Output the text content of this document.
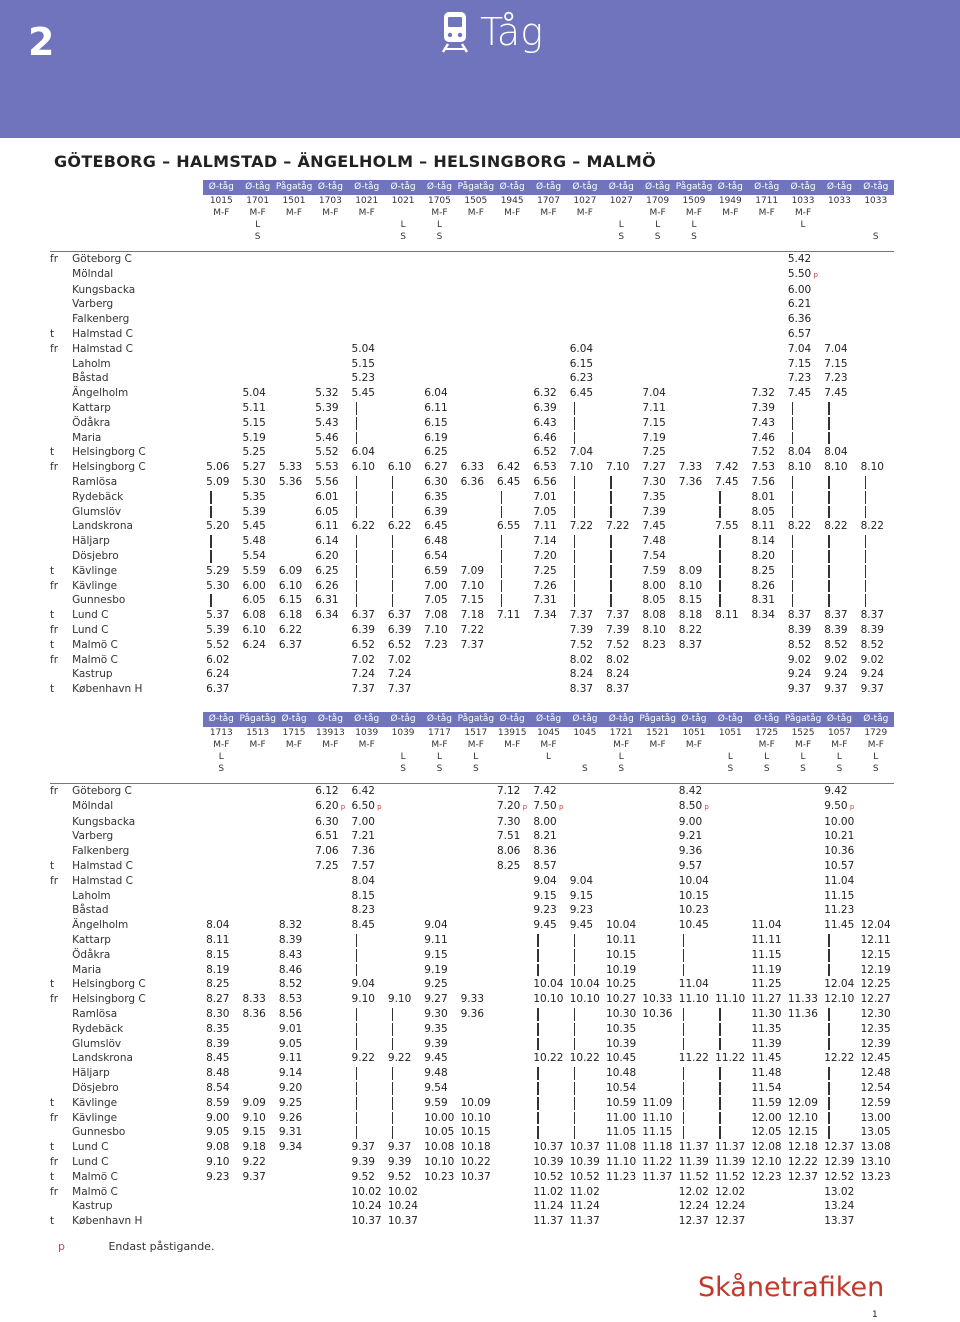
2	Tåg
Giltig 13 december 2009 – 11 december 2010
GÖTEBORG – HALMSTAD – ÄNGELHOLM – HELSINGBORG – MALMÖ
		Ø-tåg	Ø-tåg	Pågatåg	Ø-tåg	Ø-tåg	Ø-tåg	Ø-tåg	Pågatåg	Ø-tåg	Ø-tåg	Ø-tåg	Ø-tåg	Ø-tåg	Pågatåg	Ø-tåg	Ø-tåg	Ø-tåg	Ø-tåg	Ø-tåg
		1015	1701	1501	1703	1021	1021	1705	1505	1945	1707	1027	1027	1709	1509	1949	1711	1033	1033	1033
		M-F	M-F	M-F	M-F	M-F		M-F	M-F	M-F	M-F	M-F		M-F	M-F	M-F	M-F	M-F		
			L				L	L					L	L	L			L		
			S				S	S					S	S	S					S

fr	Göteborg C																	5.42		
	Mölndal																	5.50 p		
	Kungsbacka																	6.00		
	Varberg																	6.21		
	Falkenberg																	6.36		
t	Halmstad C																	6.57		
fr	Halmstad C					5.04						6.04						7.04	7.04	
	Laholm					5.15						6.15						7.15	7.15	
	Båstad					5.23						6.23						7.23	7.23	
	Ängelholm		5.04		5.32	5.45		6.04			6.32	6.45		7.04			7.32	7.45	7.45	
	Kattarp		5.11		5.39			6.11			6.39			7.11			7.39			
	Ödåkra		5.15		5.43			6.15			6.43			7.15			7.43			
	Maria		5.19		5.46			6.19			6.46			7.19			7.46			
t	Helsingborg C		5.25		5.52	6.04		6.25			6.52	7.04		7.25			7.52	8.04	8.04	
fr	Helsingborg C	5.06	5.27	5.33	5.53	6.10	6.10	6.27	6.33	6.42	6.53	7.10	7.10	7.27	7.33	7.42	7.53	8.10	8.10	8.10
	Ramlösa	5.09	5.30	5.36	5.56			6.30	6.36	6.45	6.56			7.30	7.36	7.45	7.56			
	Rydebäck		5.35		6.01			6.35			7.01			7.35			8.01			
	Glumslöv		5.39		6.05			6.39			7.05			7.39			8.05			
	Landskrona	5.20	5.45		6.11	6.22	6.22	6.45		6.55	7.11	7.22	7.22	7.45		7.55	8.11	8.22	8.22	8.22
	Häljarp		5.48		6.14			6.48			7.14			7.48			8.14			
	Dösjebro		5.54		6.20			6.54			7.20			7.54			8.20			
t	Kävlinge	5.29	5.59	6.09	6.25			6.59	7.09		7.25			7.59	8.09		8.25			
fr	Kävlinge	5.30	6.00	6.10	6.26			7.00	7.10		7.26			8.00	8.10		8.26			
	Gunnesbo		6.05	6.15	6.31			7.05	7.15		7.31			8.05	8.15		8.31			
t	Lund C	5.37	6.08	6.18	6.34	6.37	6.37	7.08	7.18	7.11	7.34	7.37	7.37	8.08	8.18	8.11	8.34	8.37	8.37	8.37
fr	Lund C	5.39	6.10	6.22		6.39	6.39	7.10	7.22			7.39	7.39	8.10	8.22			8.39	8.39	8.39
t	Malmö C	5.52	6.24	6.37		6.52	6.52	7.23	7.37			7.52	7.52	8.23	8.37			8.52	8.52	8.52
fr	Malmö C	6.02				7.02	7.02					8.02	8.02					9.02	9.02	9.02
	Kastrup	6.24				7.24	7.24					8.24	8.24					9.24	9.24	9.24
t	København H	6.37				7.37	7.37					8.37	8.37					9.37	9.37	9.37
		Ø-tåg	Pågatåg	Ø-tåg	Ø-tåg	Ø-tåg	Ø-tåg	Ø-tåg	Pågatåg	Ø-tåg	Ø-tåg	Ø-tåg	Ø-tåg	Pågatåg	Ø-tåg	Ø-tåg	Ø-tåg	Pågatåg	Ø-tåg	Ø-tåg
		1713	1513	1715	13913	1039	1039	1717	1517	13915	1045	1045	1721	1521	1051	1051	1725	1525	1057	1729
		M-F	M-F	M-F	M-F	M-F		M-F	M-F	M-F	M-F		M-F	M-F	M-F		M-F	M-F	M-F	M-F
		L					L	L	L		L		L			L	L	L	L	L
		S					S	S	S			S	S			S	S	S	S	S

fr	Göteborg C				6.12	6.42				7.12	7.42				8.42				9.42	
	Mölndal				6.20 p	6.50 p				7.20 p	7.50 p				8.50 p				9.50 p	
	Kungsbacka				6.30	7.00				7.30	8.00				9.00				10.00	
	Varberg				6.51	7.21				7.51	8.21				9.21				10.21	
	Falkenberg				7.06	7.36				8.06	8.36				9.36				10.36	
t	Halmstad C				7.25	7.57				8.25	8.57				9.57				10.57	
fr	Halmstad C					8.04					9.04	9.04			10.04				11.04	
	Laholm					8.15					9.15	9.15			10.15				11.15	
	Båstad					8.23					9.23	9.23			10.23				11.23	
	Ängelholm	8.04		8.32		8.45		9.04			9.45	9.45	10.04		10.45		11.04		11.45	12.04
	Kattarp	8.11		8.39				9.11					10.11				11.11			12.11
	Ödåkra	8.15		8.43				9.15					10.15				11.15			12.15
	Maria	8.19		8.46				9.19					10.19				11.19			12.19
t	Helsingborg C	8.25		8.52		9.04		9.25			10.04	10.04	10.25		11.04		11.25		12.04	12.25
fr	Helsingborg C	8.27	8.33	8.53		9.10	9.10	9.27	9.33		10.10	10.10	10.27	10.33	11.10	11.10	11.27	11.33	12.10	12.27
	Ramlösa	8.30	8.36	8.56				9.30	9.36				10.30	10.36			11.30	11.36		12.30
	Rydebäck	8.35		9.01				9.35					10.35				11.35			12.35
	Glumslöv	8.39		9.05				9.39					10.39				11.39			12.39
	Landskrona	8.45		9.11		9.22	9.22	9.45			10.22	10.22	10.45		11.22	11.22	11.45		12.22	12.45
	Häljarp	8.48		9.14				9.48					10.48				11.48			12.48
	Dösjebro	8.54		9.20				9.54					10.54				11.54			12.54
t	Kävlinge	8.59	9.09	9.25				9.59	10.09				10.59	11.09			11.59	12.09		12.59
fr	Kävlinge	9.00	9.10	9.26				10.00	10.10				11.00	11.10			12.00	12.10		13.00
	Gunnesbo	9.05	9.15	9.31				10.05	10.15				11.05	11.15			12.05	12.15		13.05
t	Lund C	9.08	9.18	9.34		9.37	9.37	10.08	10.18		10.37	10.37	11.08	11.18	11.37	11.37	12.08	12.18	12.37	13.08
fr	Lund C	9.10	9.22			9.39	9.39	10.10	10.22		10.39	10.39	11.10	11.22	11.39	11.39	12.10	12.22	12.39	13.10
t	Malmö C	9.23	9.37			9.52	9.52	10.23	10.37		10.52	10.52	11.23	11.37	11.52	11.52	12.23	12.37	12.52	13.23
fr	Malmö C					10.02	10.02				11.02	11.02			12.02	12.02			13.02	
	Kastrup					10.24	10.24				11.24	11.24			12.24	12.24			13.24	
t	København H					10.37	10.37				11.37	11.37			12.37	12.37			13.37	
p	Endast påstigande.
Skånetrafiken
1
